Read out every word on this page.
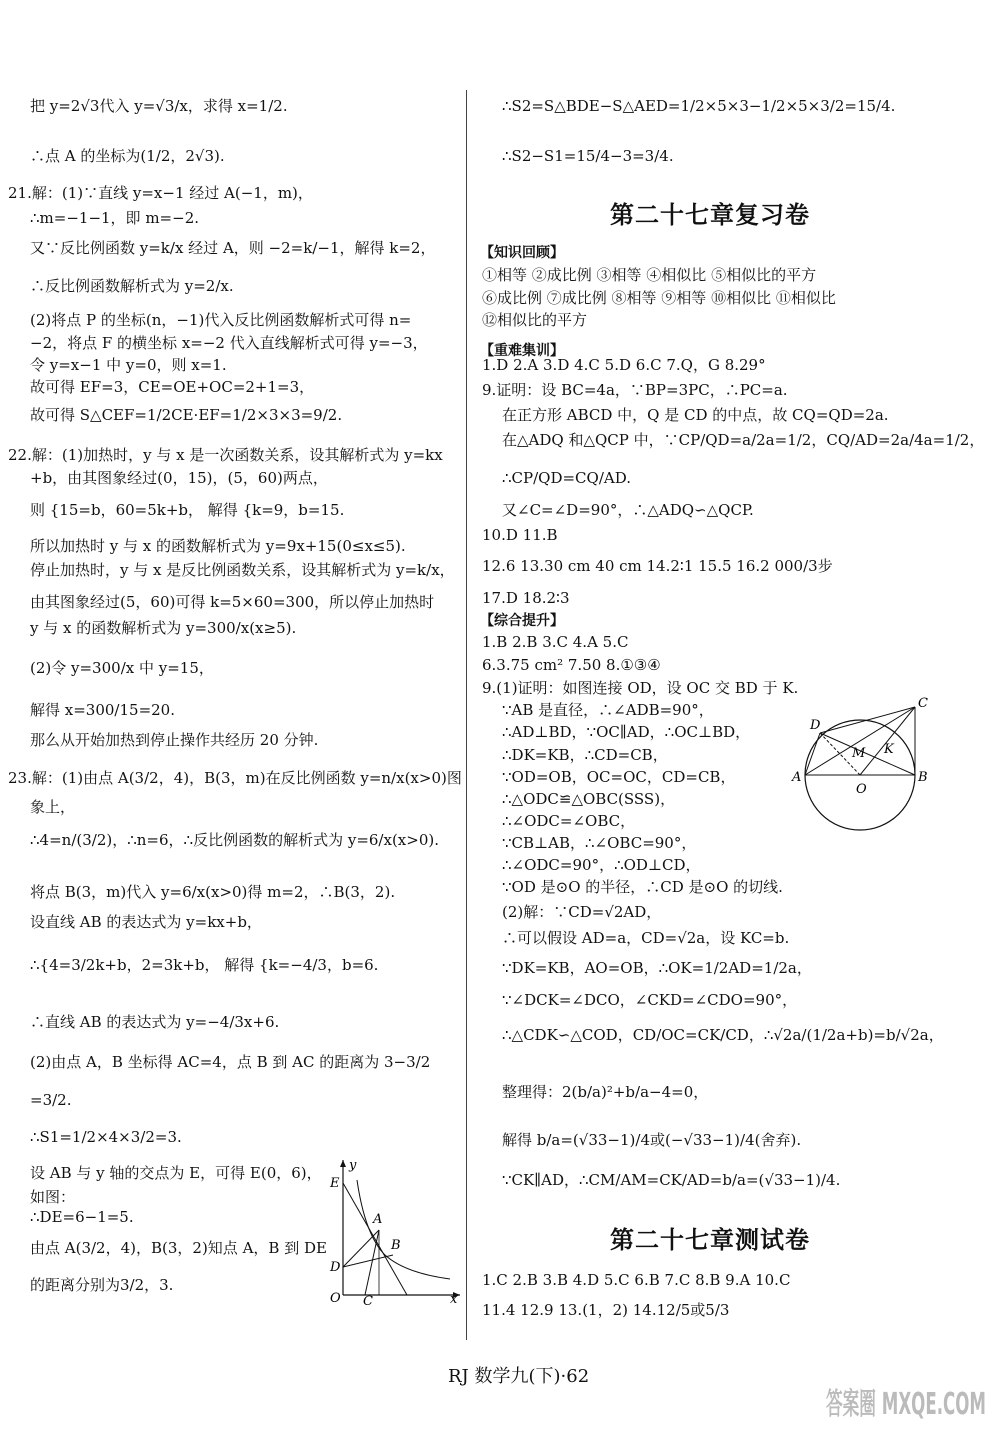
把 y=2√3代入 y=√3/x，求得 x=1/2.
∴点 A 的坐标为(1/2，2√3).
21.解：(1)∵直线 y=x−1 经过 A(−1，m)，
∴m=−1−1，即 m=−2.
又∵反比例函数 y=k/x 经过 A，则 −2=k/−1，解得 k=2，
∴反比例函数解析式为 y=2/x.
(2)将点 P 的坐标(n，−1)代入反比例函数解析式可得 n=
−2，将点 F 的横坐标 x=−2 代入直线解析式可得 y=−3，
令 y=x−1 中 y=0，则 x=1.
故可得 EF=3，CE=OE+OC=2+1=3，
故可得 S△CEF=1/2CE·EF=1/2×3×3=9/2.
22.解：(1)加热时，y 与 x 是一次函数关系，设其解析式为 y=kx
+b，由其图象经过(0，15)，(5，60)两点，
则 {15=b，60=5k+b， 解得 {k=9，b=15.
所以加热时 y 与 x 的函数解析式为 y=9x+15(0≤x≤5).
停止加热时，y 与 x 是反比例函数关系，设其解析式为 y=k/x，
由其图象经过(5，60)可得 k=5×60=300，所以停止加热时
y 与 x 的函数解析式为 y=300/x(x≥5).
(2)令 y=300/x 中 y=15，
解得 x=300/15=20.
那么从开始加热到停止操作共经历 20 分钟.
23.解：(1)由点 A(3/2，4)，B(3，m)在反比例函数 y=n/x(x>0)图
象上，
∴4=n/(3/2)，∴n=6，∴反比例函数的解析式为 y=6/x(x>0).
将点 B(3，m)代入 y=6/x(x>0)得 m=2，∴B(3，2).
设直线 AB 的表达式为 y=kx+b，
∴{4=3/2k+b，2=3k+b， 解得 {k=−4/3，b=6.
∴直线 AB 的表达式为 y=−4/3x+6.
(2)由点 A，B 坐标得 AC=4，点 B 到 AC 的距离为 3−3/2
=3/2.
∴S1=1/2×4×3/2=3.
设 AB 与 y 轴的交点为 E，可得 E(0，6)，
如图：
∴DE=6−1=5.
由点 A(3/2，4)，B(3，2)知点 A，B 到 DE
的距离分别为3/2，3.
第二十七章复习卷
第二十七章测试卷
∴S2=S△BDE−S△AED=1/2×5×3−1/2×5×3/2=15/4.
∴S2−S1=15/4−3=3/4.
①相等 ②成比例 ③相等 ④相似比 ⑤相似比的平方
⑥成比例 ⑦成比例 ⑧相等 ⑨相等 ⑩相似比 ⑪相似比
⑫相似比的平方
1.D 2.A 3.D 4.C 5.D 6.C 7.Q，G 8.29°
9.证明：设 BC=4a，∵BP=3PC，∴PC=a.
在正方形 ABCD 中，Q 是 CD 的中点，故 CQ=QD=2a.
在△ADQ 和△QCP 中，∵CP/QD=a/2a=1/2，CQ/AD=2a/4a=1/2，
∴CP/QD=CQ/AD.
又∠C=∠D=90°，∴△ADQ∽△QCP.
10.D 11.B
12.6 13.30 cm 40 cm 14.2∶1 15.5 16.2 000/3步
17.D 18.2∶3
1.B 2.B 3.C 4.A 5.C
6.3.75 cm² 7.50 8.①③④
9.(1)证明：如图连接 OD，设 OC 交 BD 于 K.
∵AB 是直径，∴∠ADB=90°，
∴AD⊥BD，∵OC∥AD，∴OC⊥BD，
∴DK=KB，∴CD=CB，
∵OD=OB，OC=OC，CD=CB，
∴△ODC≌△OBC(SSS)，
∴∠ODC=∠OBC，
∵CB⊥AB，∴∠OBC=90°，
∴∠ODC=90°，∴OD⊥CD，
∵OD 是⊙O 的半径，∴CD 是⊙O 的切线.
(2)解：∵CD=√2AD，
∴可以假设 AD=a，CD=√2a，设 KC=b.
∵DK=KB，AO=OB，∴OK=1/2AD=1/2a，
∵∠DCK=∠DCO，∠CKD=∠CDO=90°，
∴△CDK∽△COD，CD/OC=CK/CD，∴√2a/(1/2a+b)=b/√2a，
整理得：2(b/a)²+b/a−4=0，
解得 b/a=(√33−1)/4或(−√33−1)/4(舍弃).
∵CK∥AD，∴CM/AM=CK/AD=b/a=(√33−1)/4.
1.C 2.B 3.B 4.D 5.C 6.B 7.C 8.B 9.A 10.C
11.4 12.9 13.(1，2) 14.12/5或5/3
【知识回顾】
【重难集训】
【综合提升】
y
E
A
B
D
O C	x
C
D
M K
A
O
B
RJ 数学九(下)·62
答案圈 MXQE.COM
